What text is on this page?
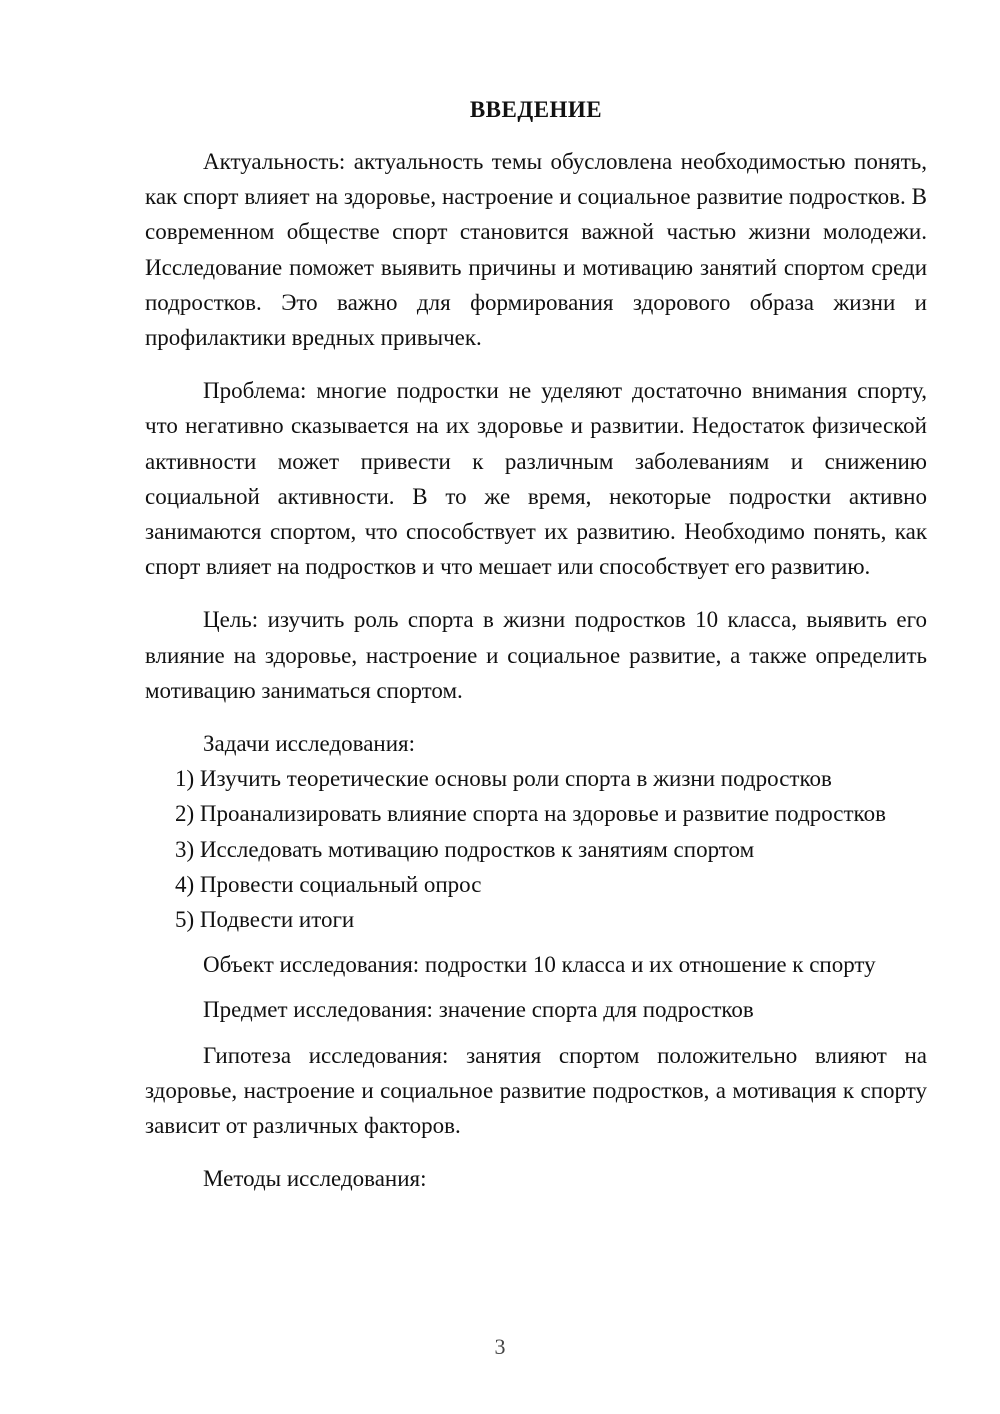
ВВЕДЕНИЕ

Актуальность: актуальность темы обусловлена необходимостью понять, как спорт влияет на здоровье, настроение и социальное развитие подростков. В современном обществе спорт становится важной частью жизни молодежи. Исследование поможет выявить причины и мотивацию занятий спортом среди подростков. Это важно для формирования здорового образа жизни и профилактики вредных привычек.

Проблема: многие подростки не уделяют достаточно внимания спорту, что негативно сказывается на их здоровье и развитии. Недостаток физической активности может привести к различным заболеваниям и снижению социальной активности. В то же время, некоторые подростки активно занимаются спортом, что способствует их развитию. Необходимо понять, как спорт влияет на подростков и что мешает или способствует его развитию.

Цель: изучить роль спорта в жизни подростков 10 класса, выявить его влияние на здоровье, настроение и социальное развитие, а также определить мотивацию заниматься спортом.

Задачи исследования:

1) Изучить теоретические основы роли спорта в жизни подростков

2) Проанализировать влияние спорта на здоровье и развитие подростков

3) Исследовать мотивацию подростков к занятиям спортом

4) Провести социальный опрос

5) Подвести итоги

Объект исследования: подростки 10 класса и их отношение к спорту

Предмет исследования: значение спорта для подростков

Гипотеза исследования: занятия спортом положительно влияют на здоровье, настроение и социальное развитие подростков, а мотивация к спорту зависит от различных факторов.

Методы исследования:

3
